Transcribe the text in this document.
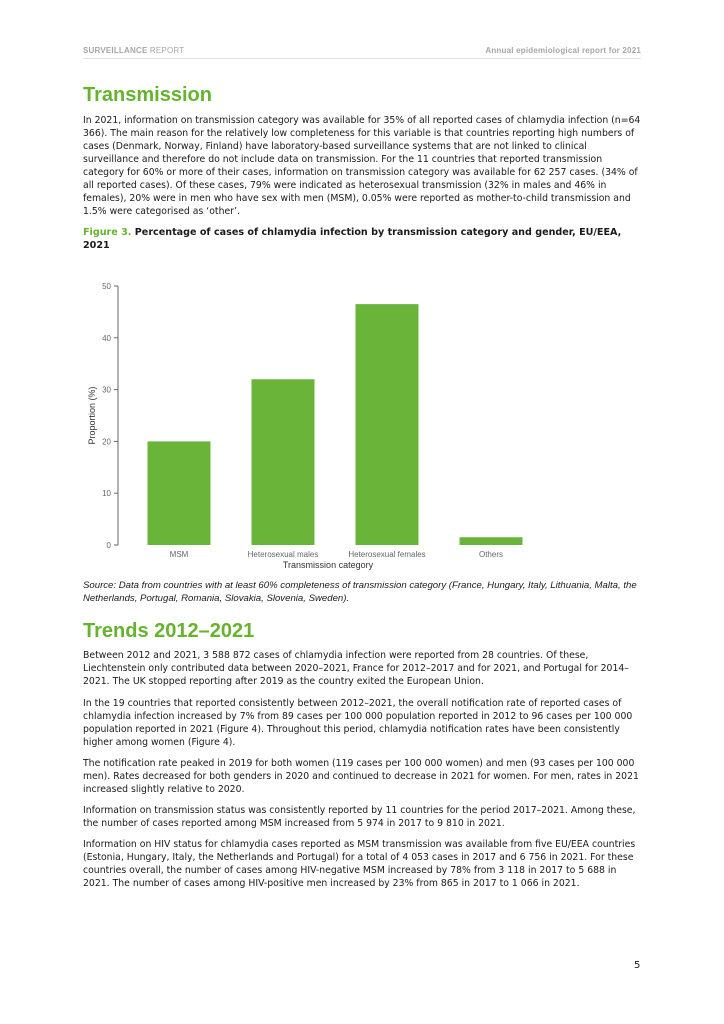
SURVEILLANCE REPORT	Annual epidemiological report for 2021
Transmission

In 2021, information on transmission category was available for 35% of all reported cases of chlamydia infection (n=64 366). The main reason for the relatively low completeness for this variable is that countries reporting high numbers of cases (Denmark, Norway, Finland) have laboratory-based surveillance systems that are not linked to clinical surveillance and therefore do not include data on transmission. For the 11 countries that reported transmission category for 60% or more of their cases, information on transmission category was available for 62 257 cases. (34% of all reported cases). Of these cases, 79% were indicated as heterosexual transmission (32% in males and 46% in females), 20% were in men who have sex with men (MSM), 0.05% were reported as mother-to-child transmission and 1.5% were categorised as ‘other’.

Figure 3. Percentage of cases of chlamydia infection by transmission category and gender, EU/EEA, 2021

0
10
20
30
40
50
MSM	Heterosexual males	Heterosexual females	Others
Proportion (%)
Transmission category

Source: Data from countries with at least 60% completeness of transmission category (France, Hungary, Italy, Lithuania, Malta, the Netherlands, Portugal, Romania, Slovakia, Slovenia, Sweden).

Trends 2012–2021

Between 2012 and 2021, 3 588 872 cases of chlamydia infection were reported from 28 countries. Of these, Liechtenstein only contributed data between 2020–2021, France for 2012–2017 and for 2021, and Portugal for 2014–2021. The UK stopped reporting after 2019 as the country exited the European Union.

In the 19 countries that reported consistently between 2012–2021, the overall notification rate of reported cases of chlamydia infection increased by 7% from 89 cases per 100 000 population reported in 2012 to 96 cases per 100 000 population reported in 2021 (Figure 4). Throughout this period, chlamydia notification rates have been consistently higher among women (Figure 4).

The notification rate peaked in 2019 for both women (119 cases per 100 000 women) and men (93 cases per 100 000 men). Rates decreased for both genders in 2020 and continued to decrease in 2021 for women. For men, rates in 2021 increased slightly relative to 2020.

Information on transmission status was consistently reported by 11 countries for the period 2017–2021. Among these, the number of cases reported among MSM increased from 5 974 in 2017 to 9 810 in 2021.

Information on HIV status for chlamydia cases reported as MSM transmission was available from five EU/EEA countries (Estonia, Hungary, Italy, the Netherlands and Portugal) for a total of 4 053 cases in 2017 and 6 756 in 2021. For these countries overall, the number of cases among HIV-negative MSM increased by 78% from 3 118 in 2017 to 5 688 in 2021. The number of cases among HIV-positive men increased by 23% from 865 in 2017 to 1 066 in 2021.

5
